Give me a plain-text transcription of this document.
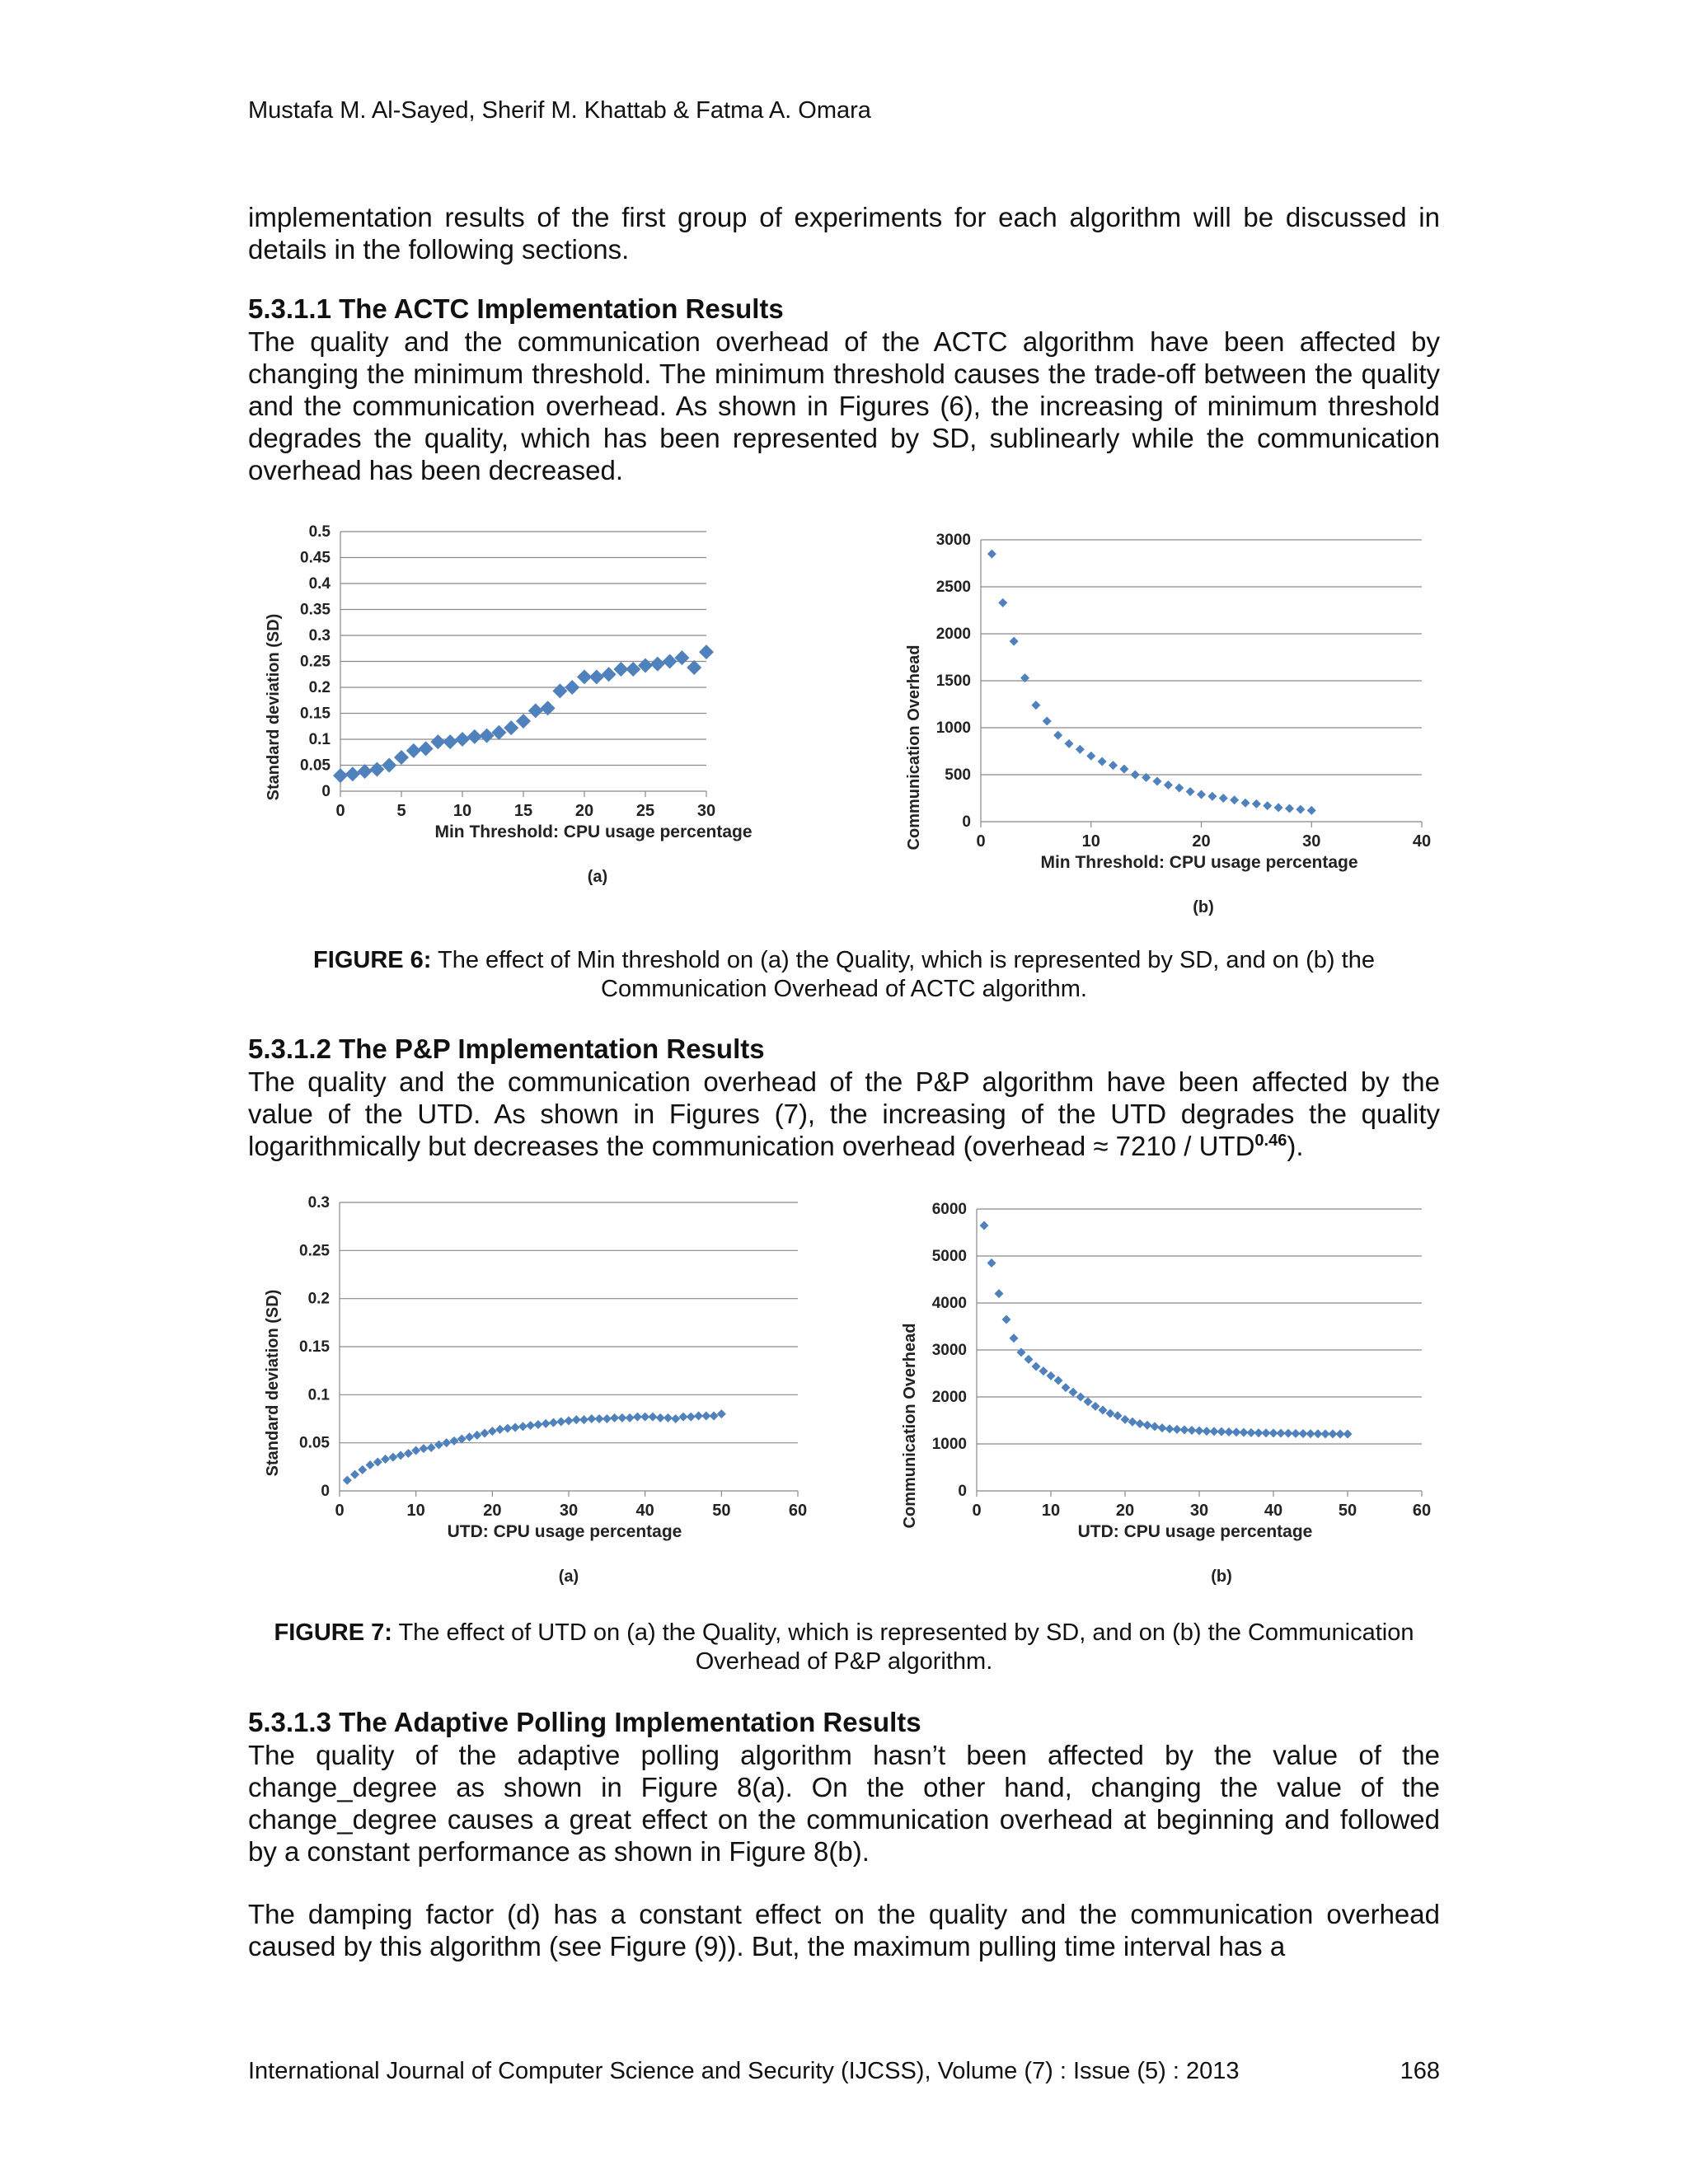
Mustafa M. Al-Sayed, Sherif M. Khattab & Fatma A. Omara
implementation results of the first group of experiments for each algorithm will be discussed in details in the following sections.
5.3.1.1 The ACTC Implementation Results
The quality and the communication overhead of the ACTC algorithm have been affected by changing the minimum threshold. The minimum threshold causes the trade-off between the quality and the communication overhead. As shown in Figures (6), the increasing of minimum threshold degrades the quality, which has been represented by SD, sublinearly while the communication overhead has been decreased.
0
0.05
0.1
0.15
0.2
0.25
0.3
0.35
0.4
0.45
0.5
0	5	10	15	20	25	30
Min Threshold: CPU usage percentage
Standard deviation (SD)
(a)
0
500
1000
1500
2000
2500
3000
0	10	20	30	40
Min Threshold: CPU usage percentage
Communication Overhead
(b)
FIGURE 6: The effect of Min threshold on (a) the Quality, which is represented by SD, and on (b) the Communication Overhead of ACTC algorithm.
5.3.1.2 The P&P Implementation Results
The quality and the communication overhead of the P&P algorithm have been affected by the value of the UTD. As shown in Figures (7), the increasing of the UTD degrades the quality logarithmically but decreases the communication overhead (overhead ≈ $7210 / UTD^{0.46}$).
0
0.05
0.1
0.15
0.2
0.25
0.3
0	10	20	30	40	50	60
UTD: CPU usage percentage
Standard deviation (SD)
(a)
0
1000
2000
3000
4000
5000
6000
0	10	20	30	40	50	60
UTD: CPU usage percentage
Communication Overhead
(b)
FIGURE 7: The effect of UTD on (a) the Quality, which is represented by SD, and on (b) the Communication Overhead of P&P algorithm.
5.3.1.3 The Adaptive Polling Implementation Results
The quality of the adaptive polling algorithm hasn’t been affected by the value of the change_degree as shown in Figure 8(a). On the other hand, changing the value of the change_degree causes a great effect on the communication overhead at beginning and followed by a constant performance as shown in Figure 8(b).
The damping factor (d) has a constant effect on the quality and the communication overhead caused by this algorithm (see Figure (9)). But, the maximum pulling time interval has a
International Journal of Computer Science and Security (IJCSS), Volume (7) : Issue (5) : 2013	168
